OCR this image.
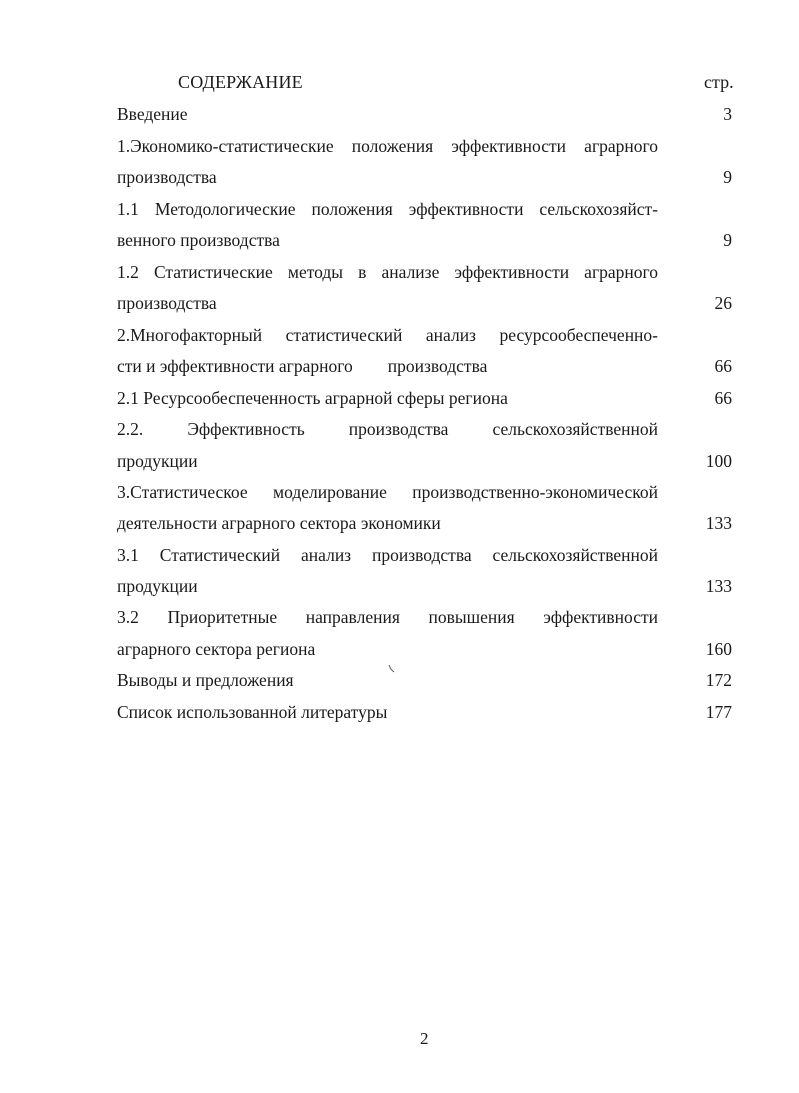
СОДЕРЖАНИЕ	стр.
Введение	3
1.Экономико-статистические положения эффективности аграрного
производства	9
1.1 Методологические положения эффективности сельскохозяйст-
венного производства	9
1.2 Статистические методы в анализе эффективности аграрного
производства	26
2.Многофакторный статистический анализ ресурсообеспеченно-
сти и эффективности аграрного        производства	66
2.1 Ресурсообеспеченность аграрной сферы региона	66
2.2. Эффективность производства сельскохозяйственной
продукции	100
3.Статистическое моделирование производственно-экономической
деятельности аграрного сектора экономики	133
3.1 Статистический анализ производства сельскохозяйственной
продукции	133
3.2 Приоритетные направления повышения эффективности
аграрного сектора региона	160
Выводы и предложения	172
Список использованной литературы	177
2
